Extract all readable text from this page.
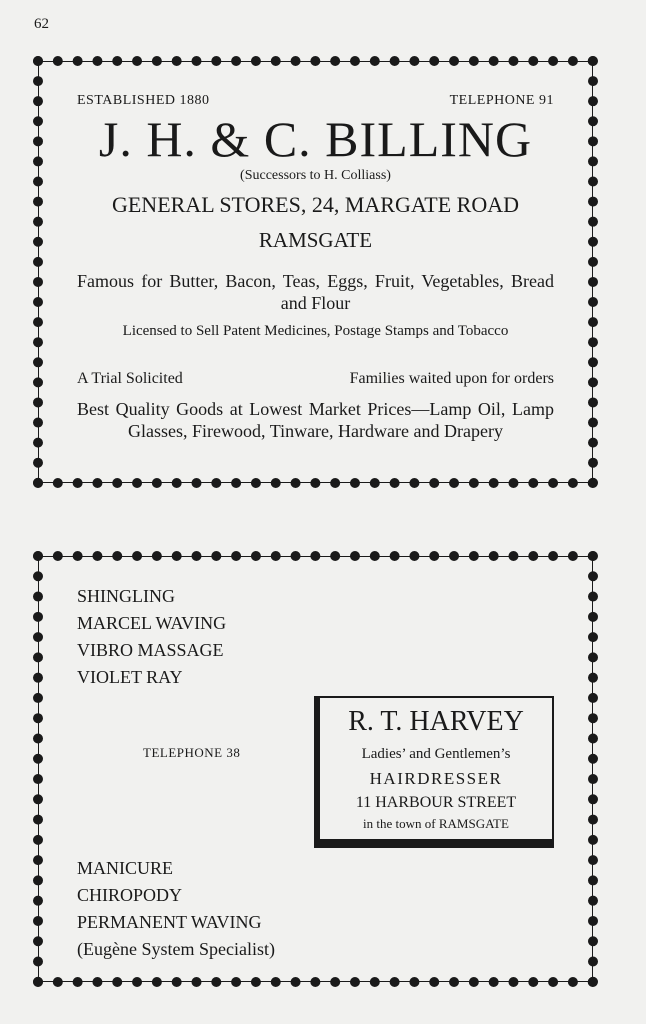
62
ESTABLISHED 1880	TELEPHONE 91
J. H. & C. BILLING
(Successors to H. Colliass)
GENERAL STORES, 24, MARGATE ROAD
RAMSGATE
Famous for Butter, Bacon, Teas, Eggs, Fruit, Vegetables, Bread and Flour
Licensed to Sell Patent Medicines, Postage Stamps and Tobacco
A Trial Solicited	Families waited upon for orders
Best Quality Goods at Lowest Market Prices—Lamp Oil, Lamp Glasses, Firewood, Tinware, Hardware and Drapery
SHINGLING
MARCEL WAVING
VIBRO MASSAGE
VIOLET RAY
TELEPHONE 38
R. T. HARVEY
Ladies’ and Gentlemen’s
HAIRDRESSER
11 HARBOUR STREET
in the town of RAMSGATE
MANICURE
CHIROPODY
PERMANENT WAVING
(Eugène System Specialist)
